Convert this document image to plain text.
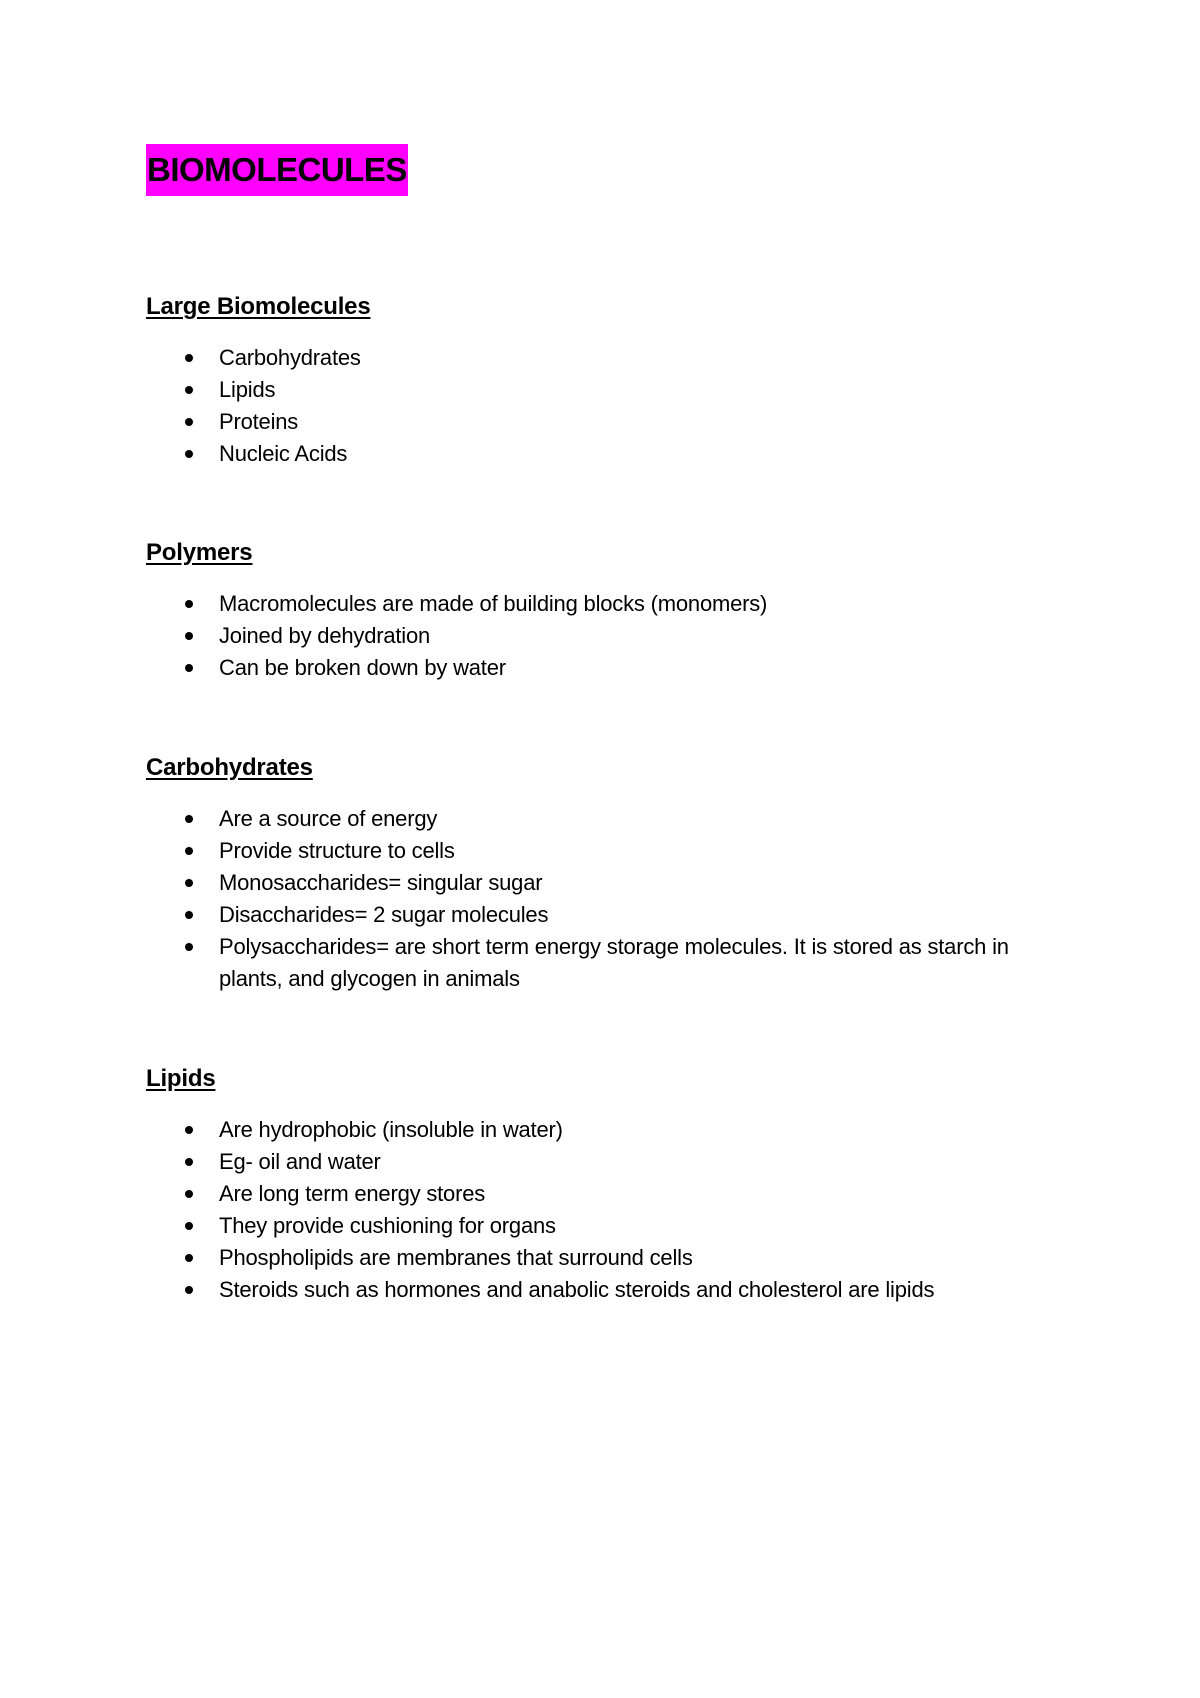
BIOMOLECULES
Large Biomolecules
Carbohydrates
Lipids
Proteins
Nucleic Acids
Polymers
Macromolecules are made of building blocks (monomers)
Joined by dehydration
Can be broken down by water
Carbohydrates
Are a source of energy
Provide structure to cells
Monosaccharides= singular sugar
Disaccharides= 2 sugar molecules
Polysaccharides= are short term energy storage molecules. It is stored as starch in plants, and glycogen in animals
Lipids
Are hydrophobic (insoluble in water)
Eg- oil and water
Are long term energy stores
They provide cushioning for organs
Phospholipids are membranes that surround cells
Steroids such as hormones and anabolic steroids and cholesterol are lipids
